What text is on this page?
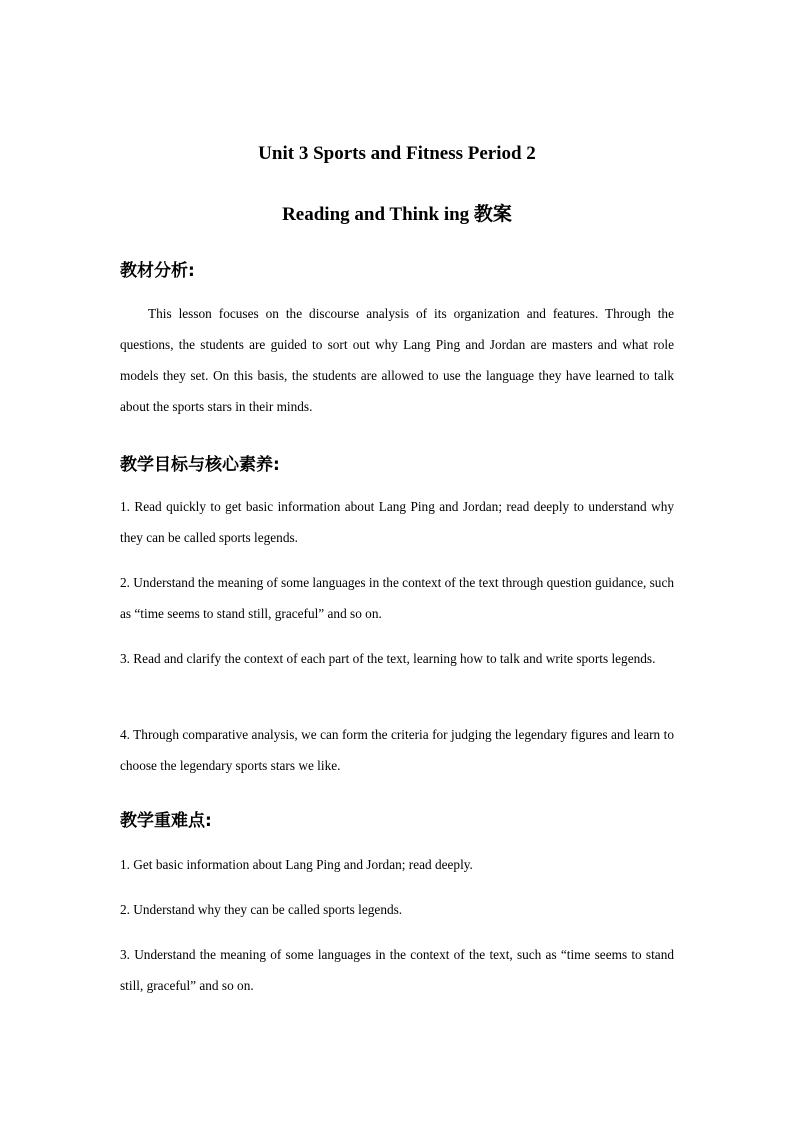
Unit 3 Sports and Fitness Period 2
Reading and Think ing 教案
教材分析:

This lesson focuses on the discourse analysis of its organization and features. Through the questions, the students are guided to sort out why Lang Ping and Jordan are masters and what role models they set. On this basis, the students are allowed to use the language they have learned to talk about the sports stars in their minds.

教学目标与核心素养:

1. Read quickly to get basic information about Lang Ping and Jordan; read deeply to understand why they can be called sports legends.

2. Understand the meaning of some languages in the context of the text through question guidance, such as “time seems to stand still, graceful” and so on.

3. Read and clarify the context of each part of the text, learning how to talk and write sports legends.

4. Through comparative analysis, we can form the criteria for judging the legendary figures and learn to choose the legendary sports stars we like.

教学重难点:

1. Get basic information about Lang Ping and Jordan; read deeply.

2. Understand why they can be called sports legends.

3. Understand the meaning of some languages in the context of the text, such as “time seems to stand still, graceful” and so on.
